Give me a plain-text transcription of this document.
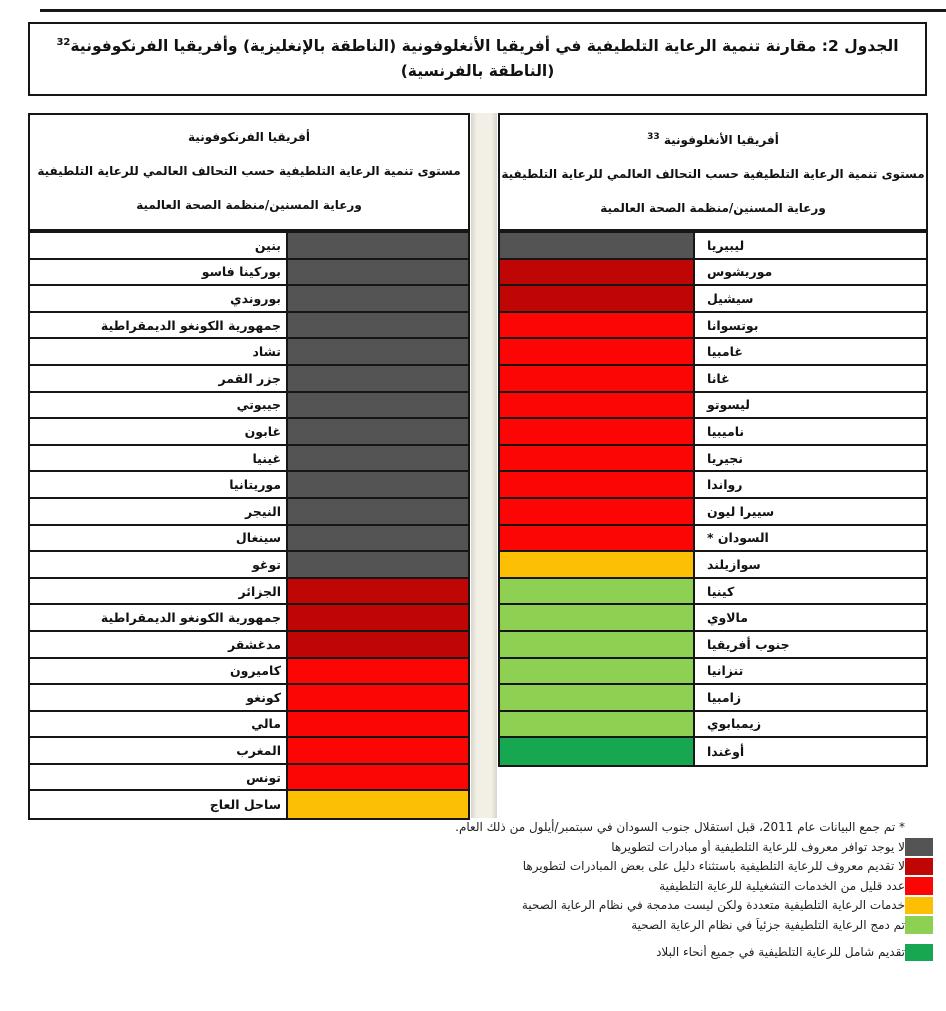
الجدول 2: مقارنة تنمية الرعاية التلطيفية في أفريقيا الأنغلوفونية (الناطقة بالإنغليزية) وأفريقيا الفرنكوفونية$^{32}$
(الناطقة بالفرنسية)
أفريقيا الفرنكوفونية
مستوى تنمية الرعاية التلطيفية حسب التحالف العالمي للرعاية التلطيفية ورعاية المسنين/منظمة الصحة العالمية
أفريقيا الأنغلوفونية $^{33}$
مستوى تنمية الرعاية التلطيفية حسب التحالف العالمي للرعاية التلطيفية ورعاية المسنين/منظمة الصحة العالمية
بنين
بوركينا فاسو
بوروندي
جمهورية الكونغو الديمقراطية
تشاد
جزر القمر
جيبوتي
غابون
غينيا
موريتانيا
النيجر
سينغال
توغو
الجزائر
جمهورية الكونغو الديمقراطية
مدغشقر
كاميرون
كونغو
مالي
المغرب
تونس
ساحل العاج
ليبيريا
موريشوس
سيشيل
بوتسوانا
غامبيا
غانا
ليسوتو
ناميبيا
نجيريا
رواندا
سييرا ليون
السودان *
سوازيلند
كينيا
مالاوي
جنوب أفريقيا
تنزانيا
زامبيا
زيمبابوي
أوغندا
* تم جمع البيانات عام 2011، قبل استقلال جنوب السودان في سبتمبر/أيلول من ذلك العام.
لا يوجد توافر معروف للرعاية التلطيفية أو مبادرات لتطويرها
لا تقديم معروف للرعاية التلطيفية باستثناء دليل على بعض المبادرات لتطويرها
عدد قليل من الخدمات التشغيلية للرعاية التلطيفية
خدمات الرعاية التلطيفية متعددة ولكن ليست مدمجة في نظام الرعاية الصحية
تم دمج الرعاية التلطيفية جزئياً في نظام الرعاية الصحية
تقديم شامل للرعاية التلطيفية في جميع أنحاء البلاد
